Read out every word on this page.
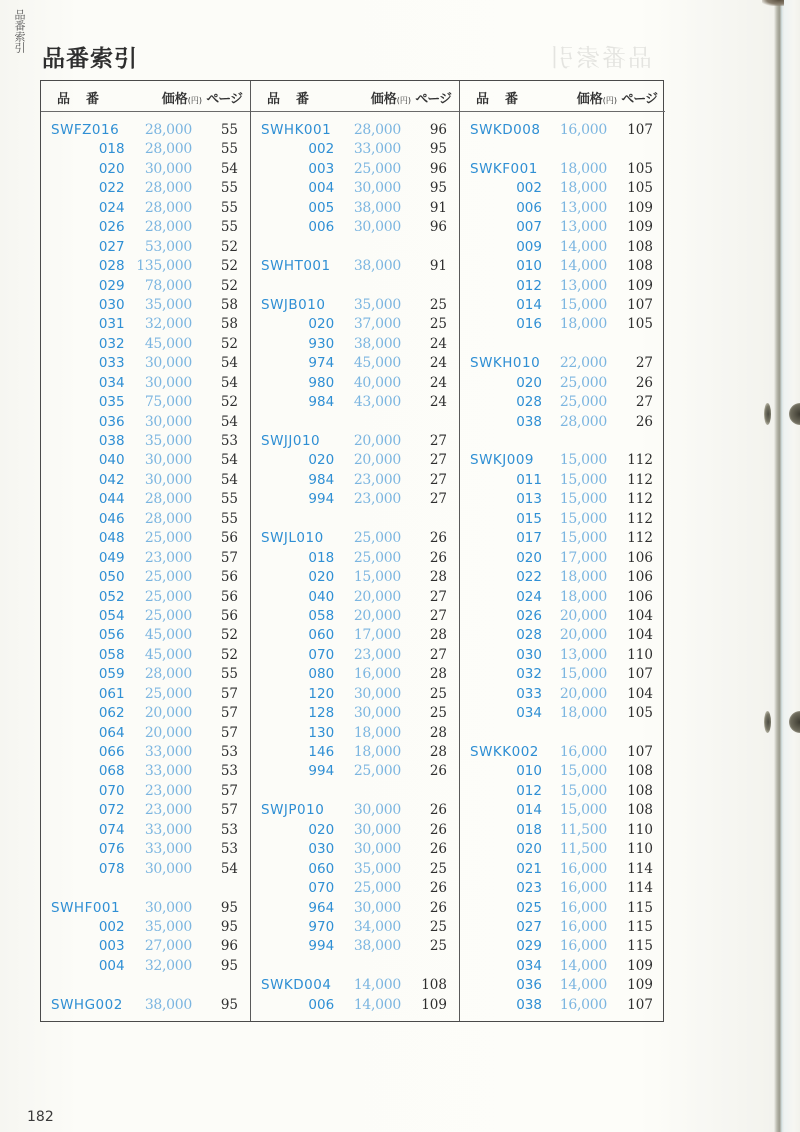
品番索引
品番索引
品番索引
品番	価格(円) ページ
SWFZ016 28,000 55
018 28,000 55
020 30,000 54
022 28,000 55
024 28,000 55
026 28,000 55
027 53,000 52
028 135,000 52
029 78,000 52
030 35,000 58
031 32,000 58
032 45,000 52
033 30,000 54
034 30,000 54
035 75,000 52
036 30,000 54
038 35,000 53
040 30,000 54
042 30,000 54
044 28,000 55
046 28,000 55
048 25,000 56
049 23,000 57
050 25,000 56
052 25,000 56
054 25,000 56
056 45,000 52
058 45,000 52
059 28,000 55
061 25,000 57
062 20,000 57
064 20,000 57
066 33,000 53
068 33,000 53
070 23,000 57
072 23,000 57
074 33,000 53
076 33,000 53
078 30,000 54
SWHF001 30,000 95
002 35,000 95
003 27,000 96
004 32,000 95
SWHG002 38,000 95
品番	価格(円) ページ
SWHK001 28,000 96
002 33,000 95
003 25,000 96
004 30,000 95
005 38,000 91
006 30,000 96
SWHT001 38,000 91
SWJB010 35,000 25
020 37,000 25
930 38,000 24
974 45,000 24
980 40,000 24
984 43,000 24
SWJJ010 20,000 27
020 20,000 27
984 23,000 27
994 23,000 27
SWJL010 25,000 26
018 25,000 26
020 15,000 28
040 20,000 27
058 20,000 27
060 17,000 28
070 23,000 27
080 16,000 28
120 30,000 25
128 30,000 25
130 18,000 28
146 18,000 28
994 25,000 26
SWJP010 30,000 26
020 30,000 26
030 30,000 26
060 35,000 25
070 25,000 26
964 30,000 26
970 34,000 25
994 38,000 25
SWKD004 14,000 108
006 14,000 109
品番	価格(円) ページ
SWKD008 16,000 107
SWKF001 18,000 105
002 18,000 105
006 13,000 109
007 13,000 109
009 14,000 108
010 14,000 108
012 13,000 109
014 15,000 107
016 18,000 105
SWKH010 22,000 27
020 25,000 26
028 25,000 27
038 28,000 26
SWKJ009 15,000 112
011 15,000 112
013 15,000 112
015 15,000 112
017 15,000 112
020 17,000 106
022 18,000 106
024 18,000 106
026 20,000 104
028 20,000 104
030 13,000 110
032 15,000 107
033 20,000 104
034 18,000 105
SWKK002 16,000 107
010 15,000 108
012 15,000 108
014 15,000 108
018 11,500 110
020 11,500 110
021 16,000 114
023 16,000 114
025 16,000 115
027 16,000 115
029 16,000 115
034 14,000 109
036 14,000 109
038 16,000 107
182
